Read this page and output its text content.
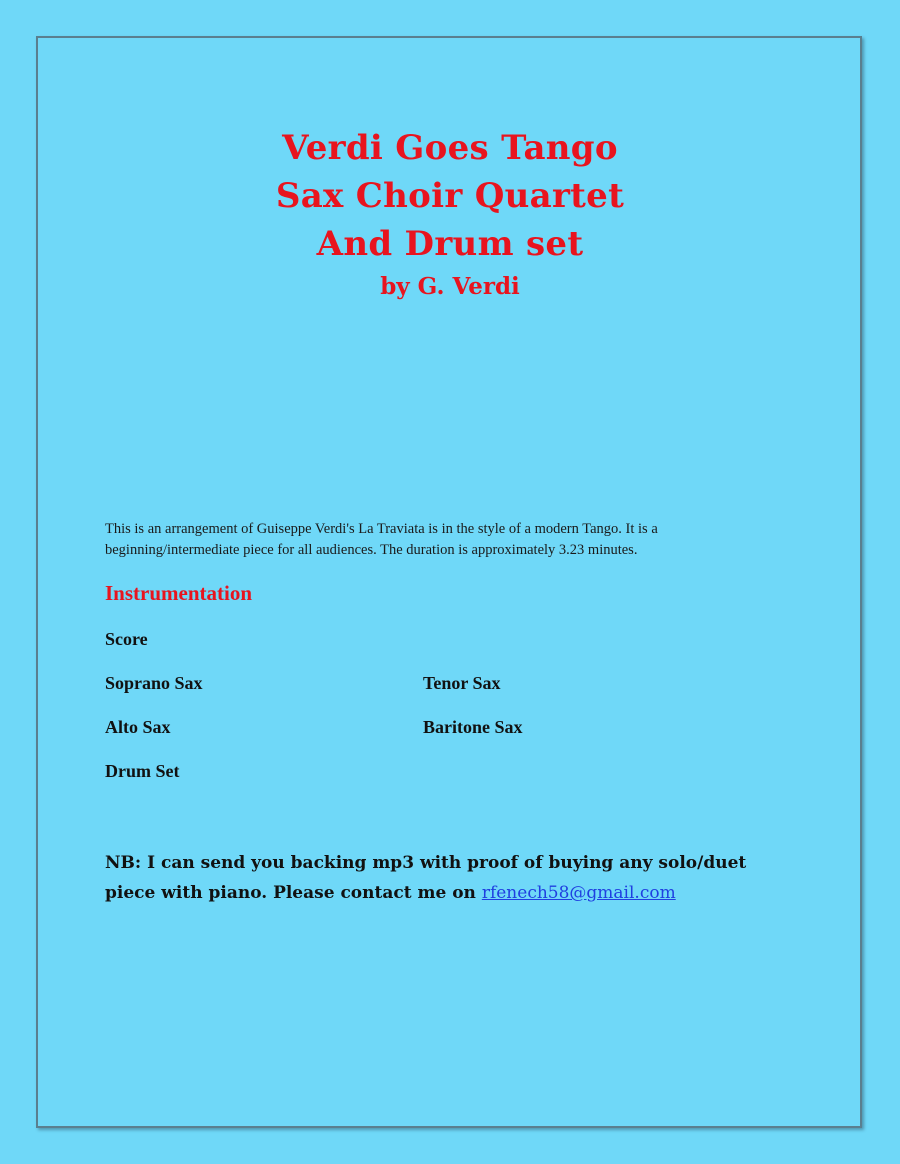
Verdi Goes Tango
Sax Choir Quartet
And Drum set
by G. Verdi
This is an arrangement of Guiseppe Verdi's La Traviata is in the style of a modern Tango. It is a
beginning/intermediate piece for all audiences. The duration is approximately 3.23 minutes.
Instrumentation
Score
Soprano Sax	Tenor Sax
Alto Sax	Baritone Sax
Drum Set
NB: I can send you backing mp3 with proof of buying any solo/duet
piece with piano. Please contact me on rfenech58@gmail.com
